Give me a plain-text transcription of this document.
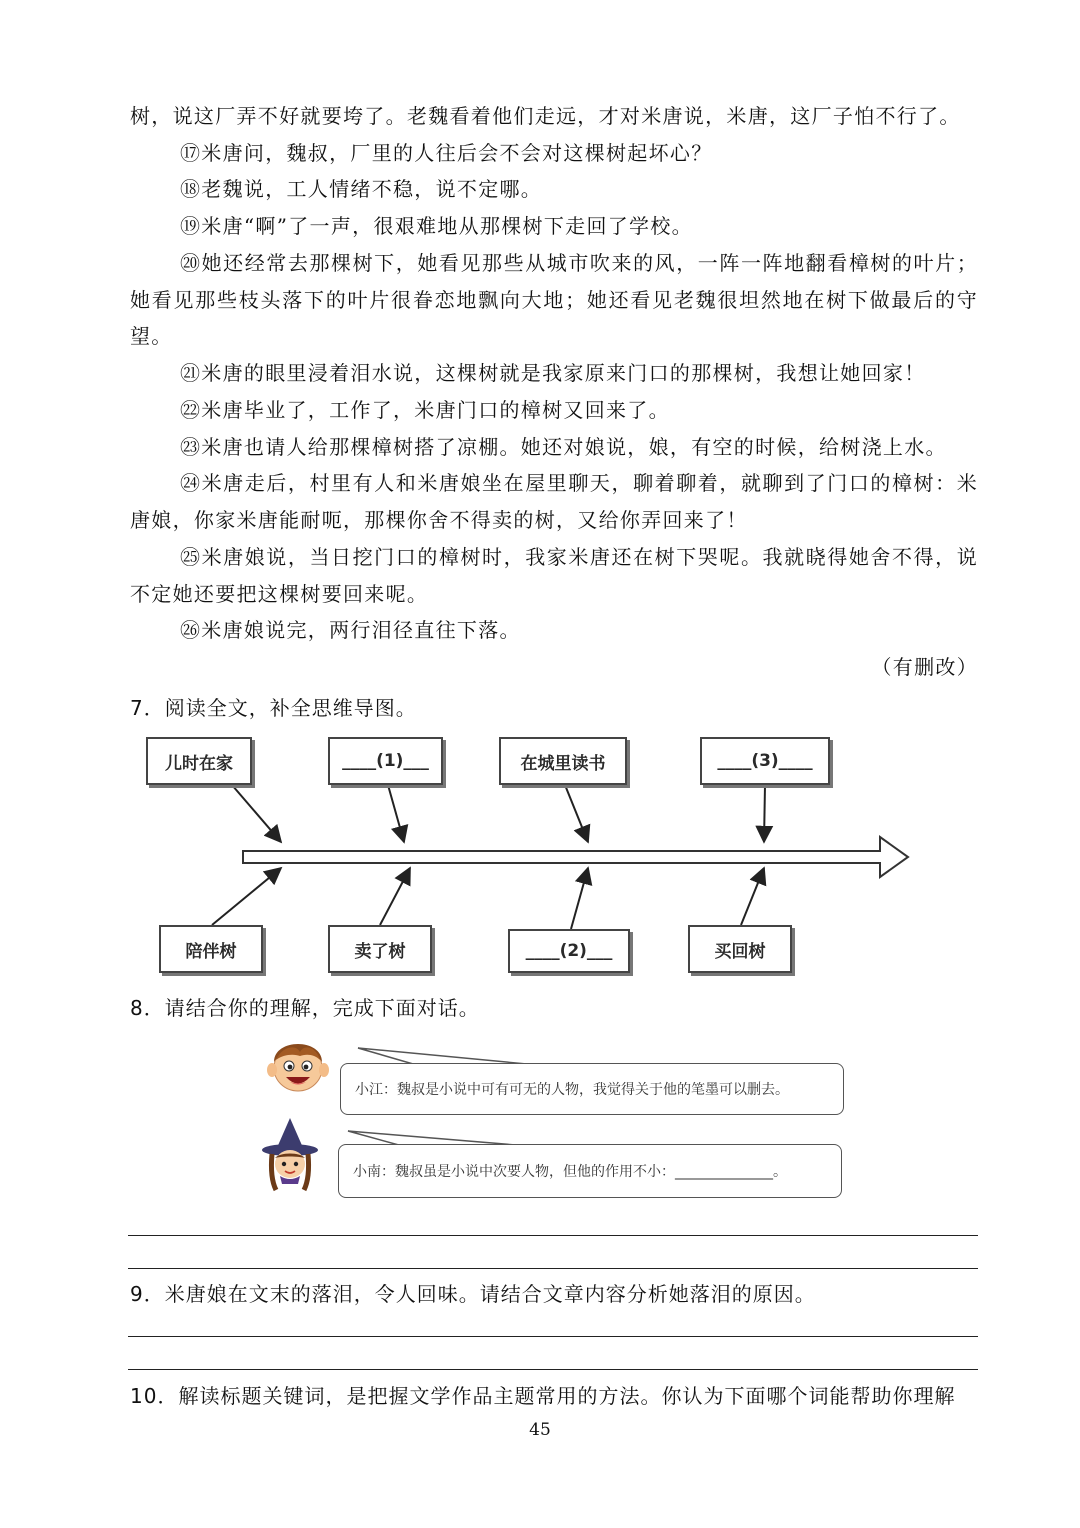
树，说这厂弄不好就要垮了。老魏看着他们走远，才对米唐说，米唐，这厂子怕不行了。
⑰米唐问，魏叔，厂里的人往后会不会对这棵树起坏心？
⑱老魏说，工人情绪不稳，说不定哪。
⑲米唐“啊”了一声，很艰难地从那棵树下走回了学校。
⑳她还经常去那棵树下，她看见那些从城市吹来的风，一阵一阵地翻看樟树的叶片；她看见那些枝头落下的叶片很眷恋地飘向大地；她还看见老魏很坦然地在树下做最后的守望。
㉑米唐的眼里浸着泪水说，这棵树就是我家原来门口的那棵树，我想让她回家！
㉒米唐毕业了，工作了，米唐门口的樟树又回来了。
㉓米唐也请人给那棵樟树搭了凉棚。她还对娘说，娘，有空的时候，给树浇上水。
㉔米唐走后，村里有人和米唐娘坐在屋里聊天，聊着聊着，就聊到了门口的樟树：米唐娘，你家米唐能耐呃，那棵你舍不得卖的树，又给你弄回来了！
㉕米唐娘说，当日挖门口的樟树时，我家米唐还在树下哭呢。我就晓得她舍不得，说不定她还要把这棵树要回来呢。
㉖米唐娘说完，两行泪径直往下落。
（有删改）
7．阅读全文，补全思维导图。
儿时在家	____(1)___	在城里读书	____(3)____
陪伴树	卖了树	____(2)___	买回树
8．请结合你的理解，完成下面对话。
小江：魏叔是小说中可有可无的人物，我觉得关于他的笔墨可以删去。
小南：魏叔虽是小说中次要人物，但他的作用不小： ______________。
9．米唐娘在文末的落泪，令人回味。请结合文章内容分析她落泪的原因。
10．解读标题关键词，是把握文学作品主题常用的方法。你认为下面哪个词能帮助你理解
45
